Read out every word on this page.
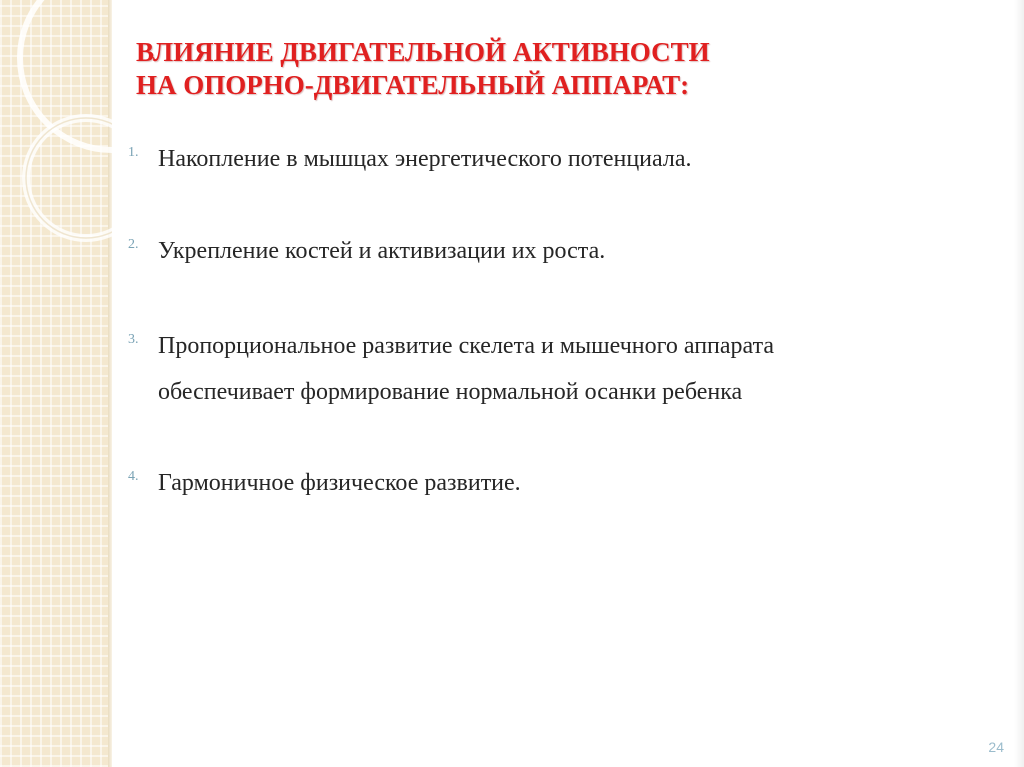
ВЛИЯНИЕ ДВИГАТЕЛЬНОЙ АКТИВНОСТИ
НА ОПОРНО-ДВИГАТЕЛЬНЫЙ АППАРАТ:
1. Накопление в мышцах энергетического потенциала.
2. Укрепление костей и активизации их роста.
3. Пропорциональное развитие скелета и мышечного аппарата обеспечивает формирование нормальной осанки ребенка
4. Гармоничное физическое развитие.
24
